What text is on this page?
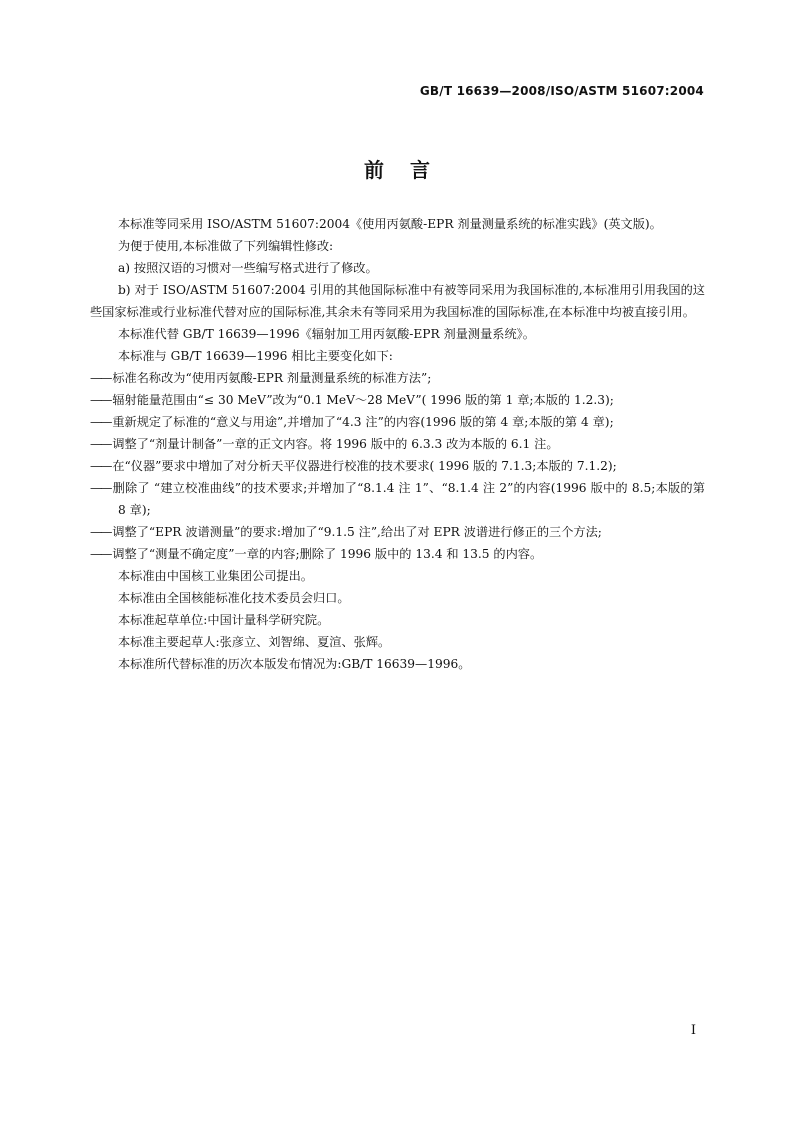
GB/T 16639—2008/ISO/ASTM 51607:2004
前言

本标准等同采用 ISO/ASTM 51607:2004《使用丙氨酸-EPR 剂量测量系统的标准实践》(英文版)。

为便于使用,本标准做了下列编辑性修改:

a) 按照汉语的习惯对一些编写格式进行了修改。

b) 对于 ISO/ASTM 51607:2004 引用的其他国际标准中有被等同采用为我国标准的,本标准用引用我国的这些国家标准或行业标准代替对应的国际标准,其余未有等同采用为我国标准的国际标准,在本标准中均被直接引用。

本标准代替 GB/T 16639—1996《辐射加工用丙氨酸-EPR 剂量测量系统》。

本标准与 GB/T 16639—1996 相比主要变化如下:

—— 标准名称改为“使用丙氨酸-EPR 剂量测量系统的标准方法”;

—— 辐射能量范围由“≤ 30 MeV”改为“0.1 MeV～28 MeV”( 1996 版的第 1 章;本版的 1.2.3);

—— 重新规定了标准的“意义与用途”,并增加了“4.3 注”的内容(1996 版的第 4 章;本版的第 4 章);

—— 调整了“剂量计制备”一章的正文内容。将 1996 版中的 6.3.3 改为本版的 6.1 注。

—— 在“仪器”要求中增加了对分析天平仪器进行校准的技术要求( 1996 版的 7.1.3;本版的 7.1.2);

—— 删除了 “建立校准曲线”的技术要求;并增加了“8.1.4 注 1”、“8.1.4 注 2”的内容(1996 版中的 8.5;本版的第 8 章);

—— 调整了“EPR 波谱测量”的要求:增加了“9.1.5 注”,给出了对 EPR 波谱进行修正的三个方法;

—— 调整了“测量不确定度”一章的内容;删除了 1996 版中的 13.4 和 13.5 的内容。

本标准由中国核工业集团公司提出。

本标准由全国核能标准化技术委员会归口。

本标准起草单位:中国计量科学研究院。

本标准主要起草人:张彦立、刘智绵、夏渲、张辉。

本标准所代替标准的历次本版发布情况为:GB/T 16639—1996。

I
